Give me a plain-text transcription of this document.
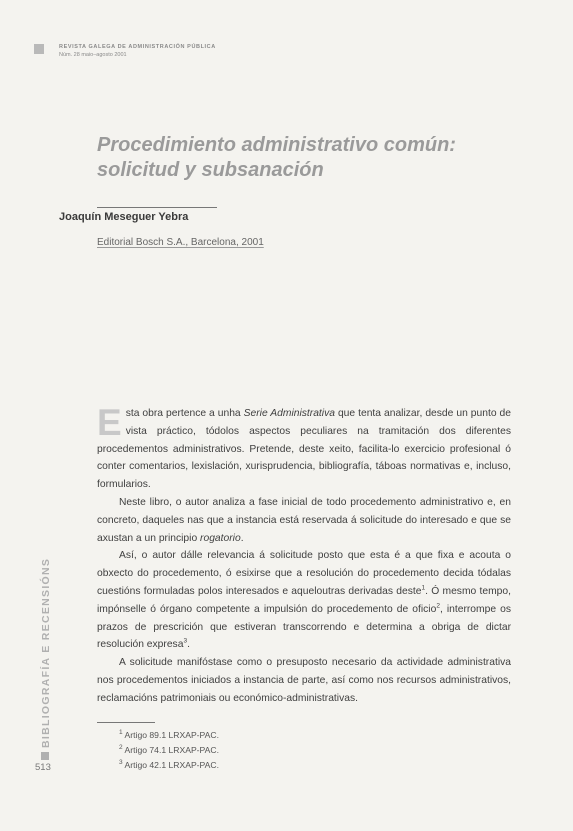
REVISTA GALEGA DE ADMINISTRACIÓN PÚBLICA
Núm. 28 maio–agosto 2001
Procedimiento administrativo común:
solicitud y subsanación
Joaquín Meseguer Yebra
Editorial Bosch S.A., Barcelona, 2001

Esta obra pertence a unha Serie Administrativa que tenta analizar, desde un punto de vista práctico, tódolos aspectos peculiares na tramitación dos diferentes procedementos administrativos. Pretende, deste xeito, facilita-lo exercicio profesional ó conter comentarios, lexislación, xurisprudencia, bibliografía, táboas normativas e, incluso, formularios.

Neste libro, o autor analiza a fase inicial de todo procedemento administrativo e, en concreto, daqueles nas que a instancia está reservada á solicitude do interesado e que se axustan a un principio rogatorio.

Así, o autor dálle relevancia á solicitude posto que esta é a que fixa e acouta o obxecto do procedemento, ó esixirse que a resolución do procedemento decida tódalas cuestións formuladas polos interesados e aqueloutras derivadas deste$^1$. Ó mesmo tempo, impónselle ó órgano competente a impulsión do procedemento de oficio$^2$, interrompe os prazos de prescrición que estiveran transcorrendo e determina a obriga de dictar resolución expresa$^3$.

A solicitude manifóstase como o presuposto necesario da actividade administrativa nos procedementos iniciados a instancia de parte, así como nos recursos administrativos, reclamacións patrimoniais ou económico-administrativas.

$^1$ Artigo 89.1 LRXAP-PAC.
$^2$ Artigo 74.1 LRXAP-PAC.
$^3$ Artigo 42.1 LRXAP-PAC.
BIBLIOGRAFÍA E RECENSIÓNS
513
